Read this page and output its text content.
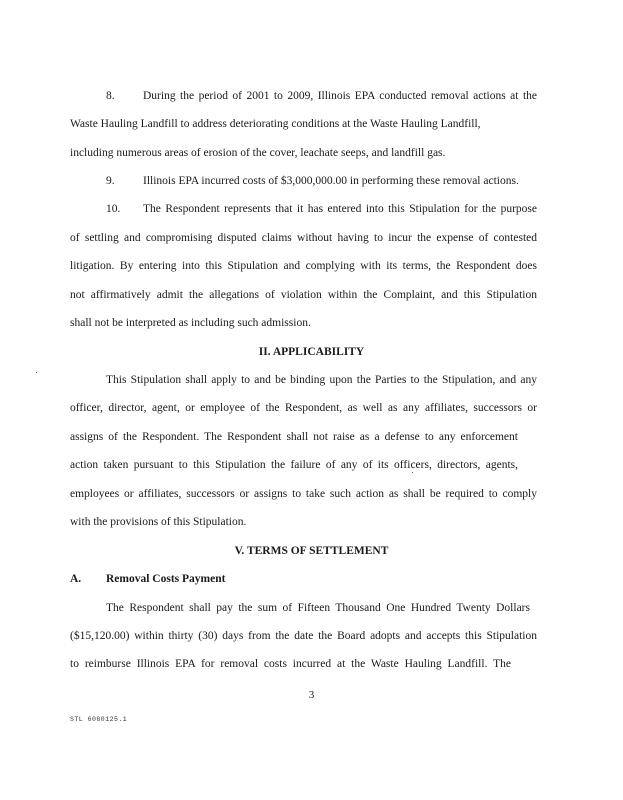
8. During the period of 2001 to 2009, Illinois EPA conducted removal actions at the
Waste Hauling Landfill to address deteriorating conditions at the Waste Hauling Landfill,
including numerous areas of erosion of the cover, leachate seeps, and landfill gas.
9. Illinois EPA incurred costs of $3,000,000.00 in performing these removal actions.
10. The Respondent represents that it has entered into this Stipulation for the purpose
of settling and compromising disputed claims without having to incur the expense of contested
litigation. By entering into this Stipulation and complying with its terms, the Respondent does
not affirmatively admit the allegations of violation within the Complaint, and this Stipulation
shall not be interpreted as including such admission.
II. APPLICABILITY
This Stipulation shall apply to and be binding upon the Parties to the Stipulation, and any
officer, director, agent, or employee of the Respondent, as well as any affiliates, successors or
assigns of the Respondent. The Respondent shall not raise as a defense to any enforcement
action taken pursuant to this Stipulation the failure of any of its officers, directors, agents,
employees or affiliates, successors or assigns to take such action as shall be required to comply
with the provisions of this Stipulation.
V. TERMS OF SETTLEMENT
A. Removal Costs Payment
The Respondent shall pay the sum of Fifteen Thousand One Hundred Twenty Dollars
($15,120.00) within thirty (30) days from the date the Board adopts and accepts this Stipulation
to reimburse Illinois EPA for removal costs incurred at the Waste Hauling Landfill. The
3
STL 6080125.1
